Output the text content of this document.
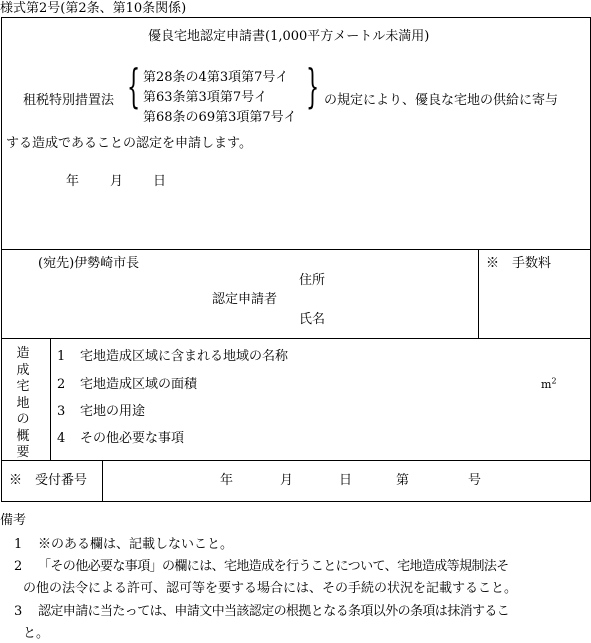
様式第2号(第2条、第10条関係)
優良宅地認定申請書(1,000平方メートル未満用)
租税特別措置法 { 第28条の4第3項第7号イ
第63条第3項第7号イ
第68条の69第3項第7号イ
} の規定により、優良な宅地の供給に寄与
する造成であることの認定を申請します。
年 月 日
(宛先)伊勢崎市長
住所
認定申請者
氏名
※　手数料
造成宅地の概要
1 宅地造成区域に含まれる地域の名称
2 宅地造成区域の面積	$m^2$
3 宅地の用途
4 その他必要な事項
※　受付番号	年	月	日	第	号
備考
1 ※のある欄は、記載しないこと。
2 「その他必要な事項」の欄には、宅地造成を行うことについて、宅地造成等規制法そ
の他の法令による許可、認可等を要する場合には、その手続の状況を記載すること。
3 認定申請に当たっては、申請文中当該認定の根拠となる条項以外の条項は抹消するこ
と。
